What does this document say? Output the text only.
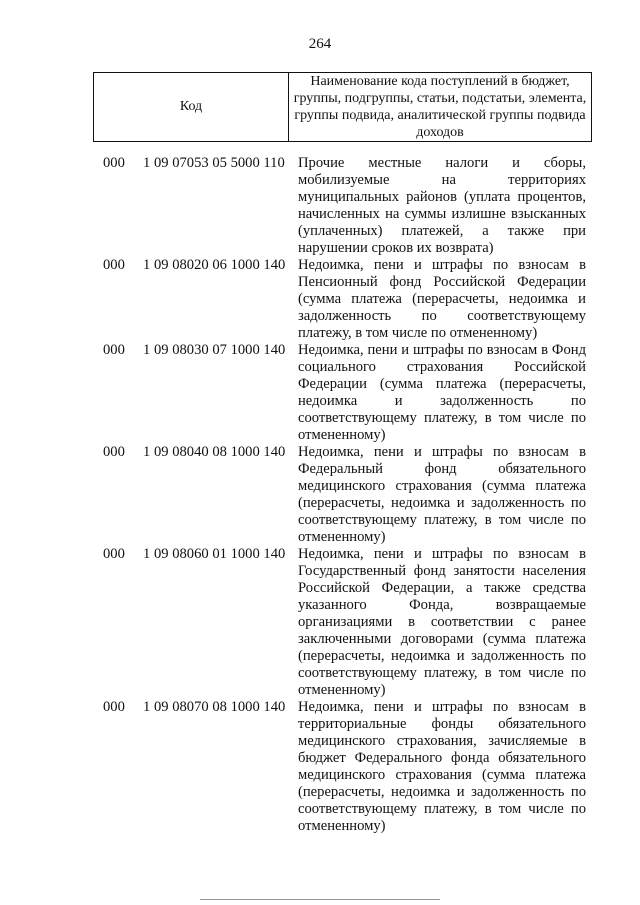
264
Код	Наименование кода поступлений в бюджет, группы, подгруппы, статьи, подстатьи, элемента, группы подвида, аналитической группы подвида доходов
000 1 09 07053 05 5000 110 Прочие местные налоги и сборы, мобилизуемые на территориях муниципальных районов (уплата процентов, начисленных на суммы излишне взысканных (уплаченных) платежей, а также при нарушении сроков их возврата)
000 1 09 08020 06 1000 140 Недоимка, пени и штрафы по взносам в Пенсионный фонд Российской Федерации (сумма платежа (перерасчеты, недоимка и задолженность по соответствующему платежу, в том числе по отмененному)
000 1 09 08030 07 1000 140 Недоимка, пени и штрафы по взносам в Фонд социального страхования Российской Федерации (сумма платежа (перерасчеты, недоимка и задолженность по соответствующему платежу, в том числе по отмененному)
000 1 09 08040 08 1000 140 Недоимка, пени и штрафы по взносам в Федеральный фонд обязательного медицинского страхования (сумма платежа (перерасчеты, недоимка и задолженность по соответствующему платежу, в том числе по отмененному)
000 1 09 08060 01 1000 140 Недоимка, пени и штрафы по взносам в Государственный фонд занятости населения Российской Федерации, а также средства указанного Фонда, возвращаемые организациями в соответствии с ранее заключенными договорами (сумма платежа (перерасчеты, недоимка и задолженность по соответствующему платежу, в том числе по отмененному)
000 1 09 08070 08 1000 140 Недоимка, пени и штрафы по взносам в территориальные фонды обязательного медицинского страхования, зачисляемые в бюджет Федерального фонда обязательного медицинского страхования (сумма платежа (перерасчеты, недоимка и задолженность по соответствующему платежу, в том числе по отмененному)
